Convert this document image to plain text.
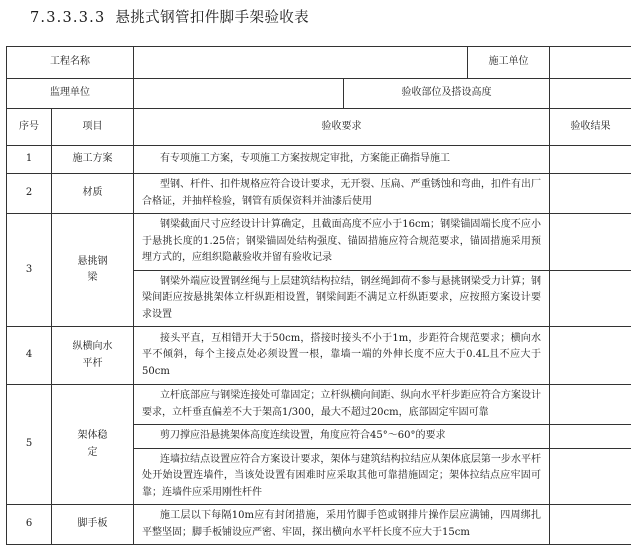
7.3.3.3.3 悬挑式钢管扣件脚手架验收表
工程名称				施工单位	
监理单位			验收部位及搭设高度		
序号	项目	验收要求			验收结果
1	施工方案	有专项施工方案，专项施工方案按规定审批，方案能正确指导施工			
2	材质	型钢、杆件、扣件规格应符合设计要求，无开裂、压扁、严重锈蚀和弯曲，扣件有出厂合格证，并抽样检验，钢管有质保资料并油漆后使用			
3	悬挑钢梁	钢梁截面尺寸应经设计计算确定，且截面高度不应小于16cm；钢梁锚固端长度不应小于悬挑长度的1.25倍；钢梁锚固处结构强度、锚固措施应符合规范要求，锚固措施采用预埋方式的，应组织隐蔽验收并留有验收记录			
		钢梁外端应设置钢丝绳与上层建筑结构拉结，钢丝绳卸荷不参与悬挑钢梁受力计算；钢梁间距应按悬挑架体立杆纵距相设置，钢梁间距不满足立杆纵距要求，应按照方案设计要求设置			
4	纵横向水平杆	接头平直，互相错开大于50cm，搭接时接头不小于1m，步距符合规范要求；横向水平不倾斜，每个主接点处必须设置一根，靠墙一端的外伸长度不应大于0.4L且不应大于50cm			
5	架体稳定	立杆底部应与钢梁连接处可靠固定；立杆纵横向间距、纵向水平杆步距应符合方案设计要求，立杆垂直偏差不大于架高1/300，最大不超过20cm，底部固定牢固可靠			
		剪刀撑应沿悬挑架体高度连续设置，角度应符合45°～60°的要求			
		连墙拉结点设置应符合方案设计要求，架体与建筑结构拉结应从架体底层第一步水平杆处开始设置连墙件，当该处设置有困难时应采取其他可靠措施固定；架体拉结点应牢固可靠；连墙件应采用刚性杆件			
6	脚手板	施工层以下每隔10m应有封闭措施，采用竹脚手笆或钢排片操作层应满铺，四周绑扎平整坚固；脚手板铺设应严密、牢固，探出横向水平杆长度不应大于15cm			
